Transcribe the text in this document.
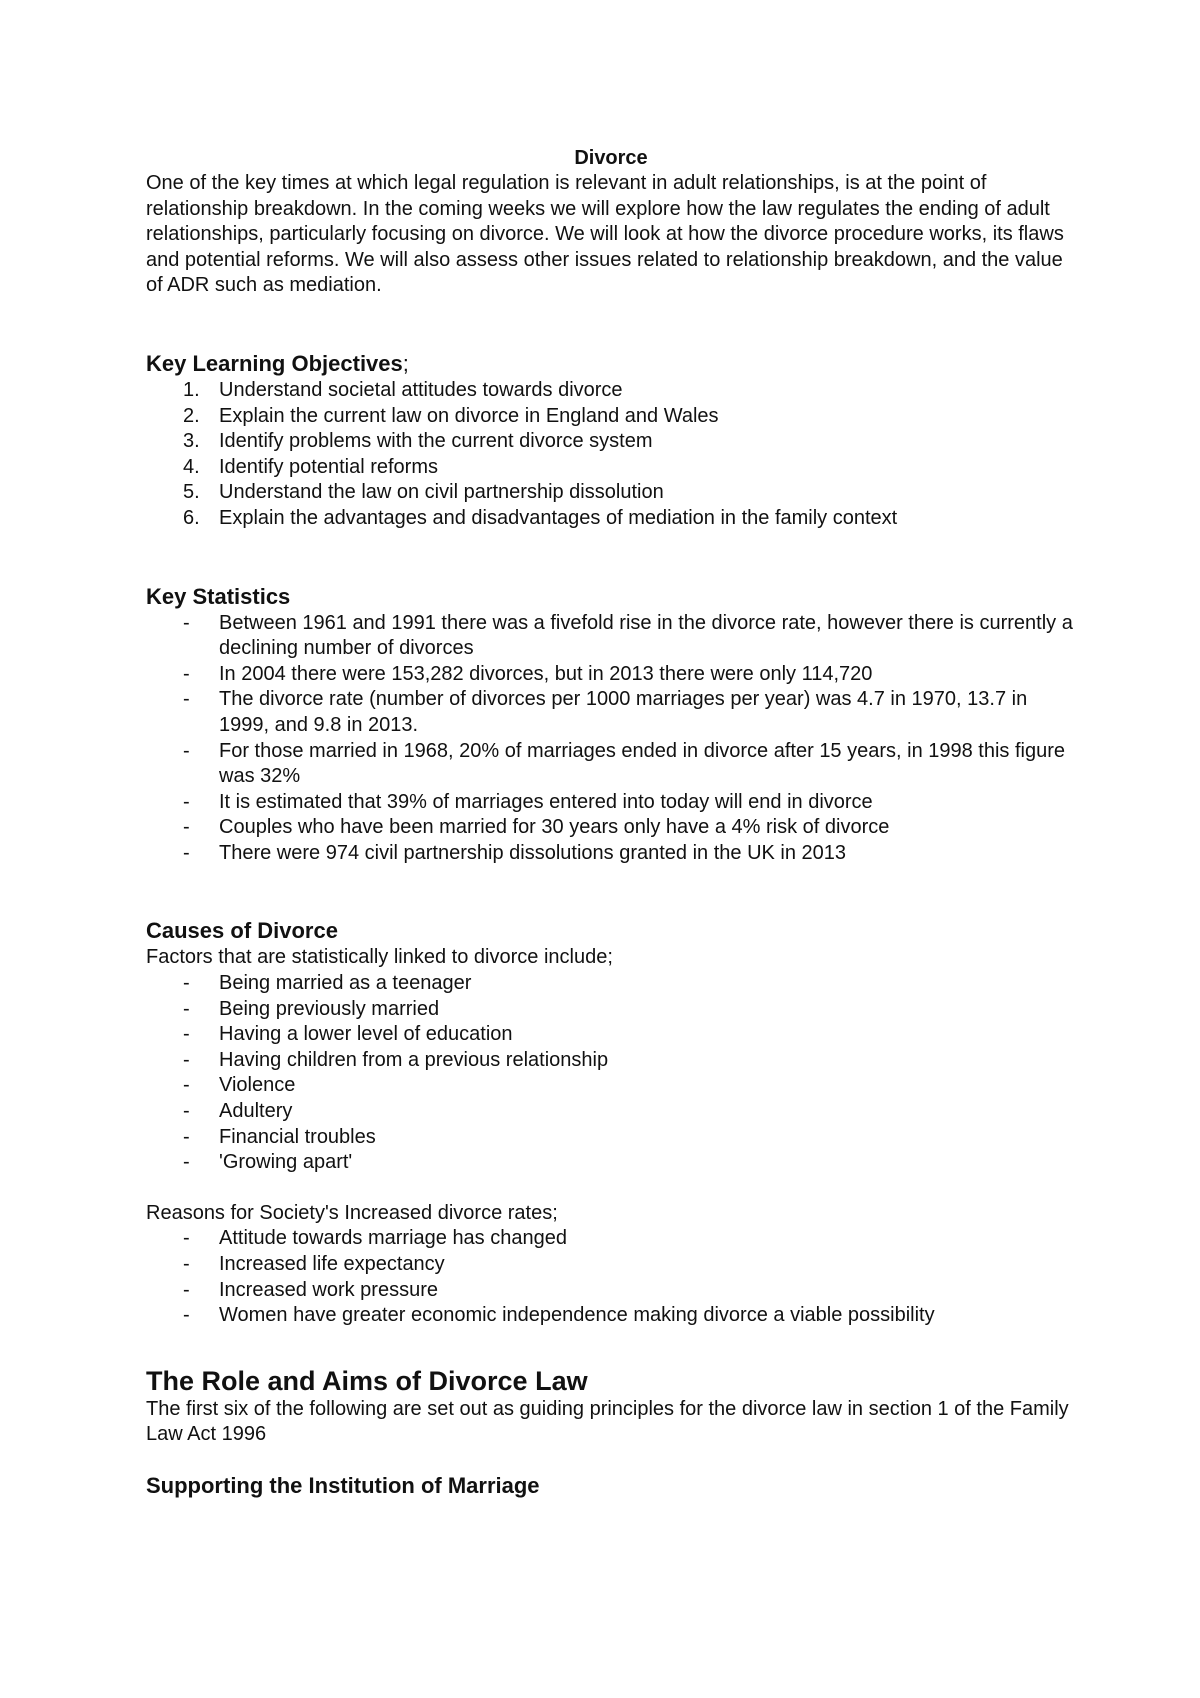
Divorce

One of the key times at which legal regulation is relevant in adult relationships, is at the point of relationship breakdown. In the coming weeks we will explore how the law regulates the ending of adult relationships, particularly focusing on divorce. We will look at how the divorce procedure works, its flaws and potential reforms. We will also assess other issues related to relationship breakdown, and the value of ADR such as mediation.

Key Learning Objectives;
1. Understand societal attitudes towards divorce
2. Explain the current law on divorce in England and Wales
3. Identify problems with the current divorce system
4. Identify potential reforms
5. Understand the law on civil partnership dissolution
6. Explain the advantages and disadvantages of mediation in the family context
Key Statistics
- Between 1961 and 1991 there was a fivefold rise in the divorce rate, however there is currently a declining number of divorces
- In 2004 there were 153,282 divorces, but in 2013 there were only 114,720
- The divorce rate (number of divorces per 1000 marriages per year) was 4.7 in 1970, 13.7 in 1999, and 9.8 in 2013.
- For those married in 1968, 20% of marriages ended in divorce after 15 years, in 1998 this figure was 32%
- It is estimated that 39% of marriages entered into today will end in divorce
- Couples who have been married for 30 years only have a 4% risk of divorce
- There were 974 civil partnership dissolutions granted in the UK in 2013
Causes of Divorce

Factors that are statistically linked to divorce include;

- Being married as a teenager
- Being previously married
- Having a lower level of education
- Having children from a previous relationship
- Violence
- Adultery
- Financial troubles
- 'Growing apart'

Reasons for Society's Increased divorce rates;

- Attitude towards marriage has changed
- Increased life expectancy
- Increased work pressure
- Women have greater economic independence making divorce a viable possibility
The Role and Aims of Divorce Law

The first six of the following are set out as guiding principles for the divorce law in section 1 of the Family Law Act 1996

Supporting the Institution of Marriage
